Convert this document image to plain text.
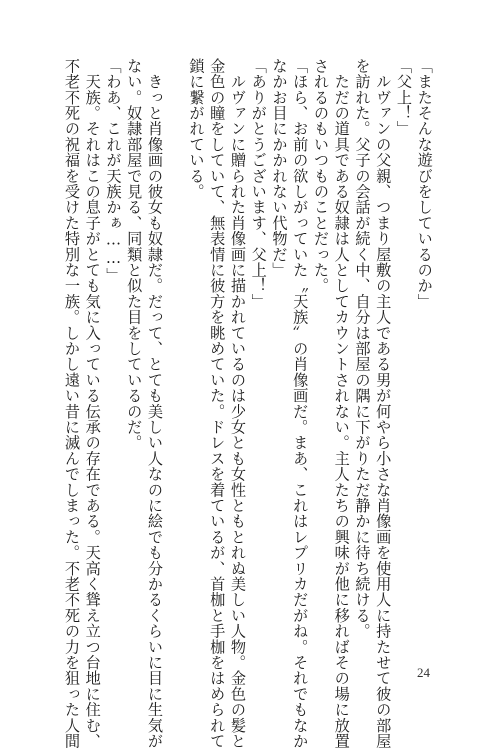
「またそんな遊びをしているのか」
「父上！」
　ルヴァンの父親、つまり屋敷の主人である男が何やら小さな肖像画を使用人に持たせて彼の部屋
を訪れた。父子の会話が続く中、自分は部屋の隅に下がりただ静かに待ち続ける。
　ただの道具である奴隷は人としてカウントされない。主人たちの興味が他に移ればその場に放置
されるのもいつものことだった。
「ほら、お前の欲しがっていた〝天族〟の肖像画だ。まあ、これはレプリカだがね。それでもなか
なかお目にかかれない代物だ」
「ありがとうございます、父上！」
　ルヴァンに贈られた肖像画に描かれているのは少女とも女性ともとれぬ美しい人物。金色の髪と
金色の瞳をしていて、無表情に彼方を眺めていた。ドレスを着ているが、首枷と手枷をはめられて
鎖に繋がれている。
　きっと肖像画の彼女も奴隷だ。だって、とても美しい人なのに絵でも分かるくらいに目に生気が
ない。奴隷部屋で見る、同類と似た目をしているのだ。
「わあ、これが天族かぁ……」
　天族。それはこの息子がとても気に入っている伝承の存在である。天高く聳え立つ台地に住む、
不老不死の祝福を受けた特別な一族。しかし遠い昔に滅んでしまった。不老不死の力を狙った人間	24
